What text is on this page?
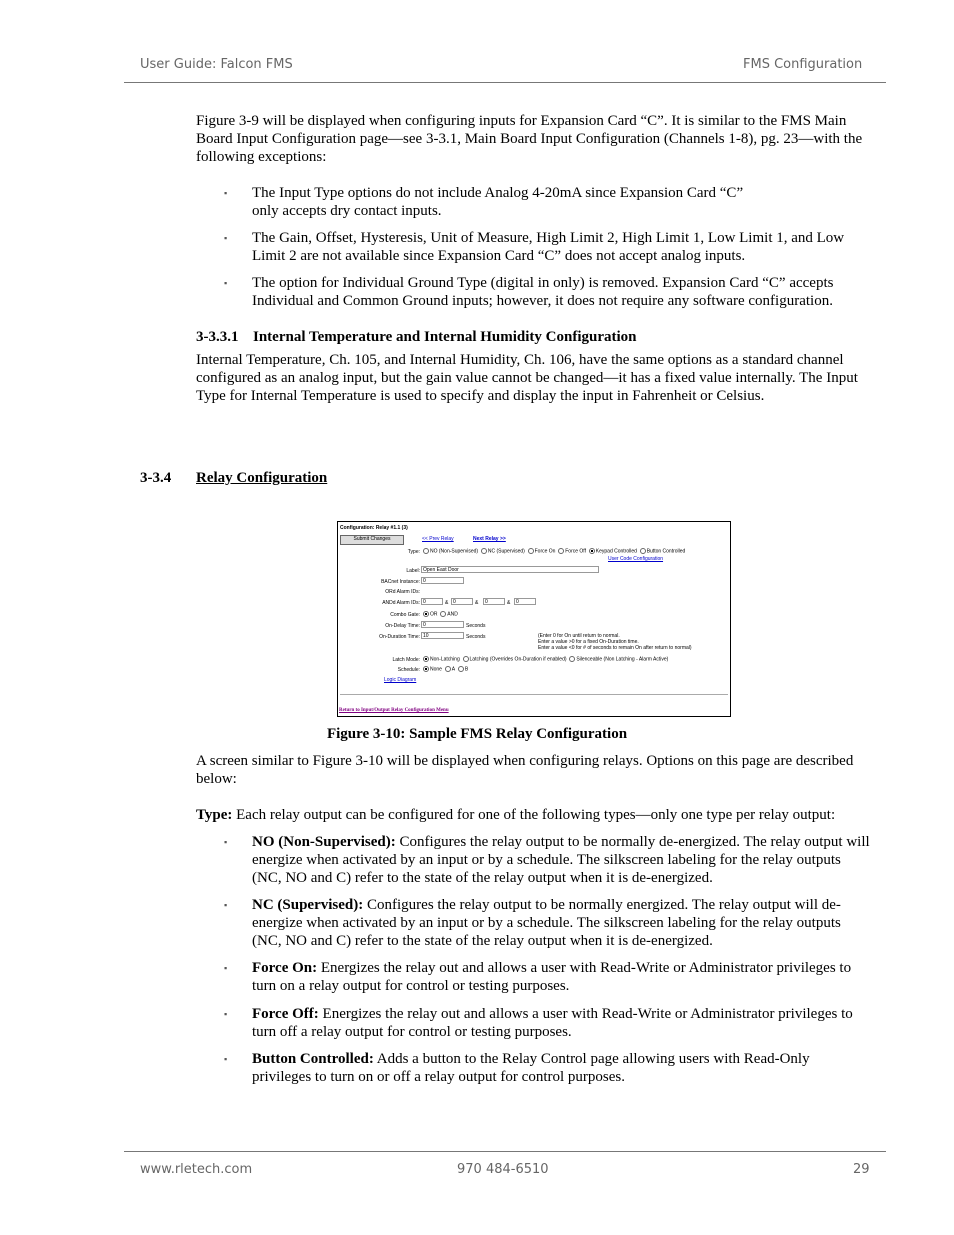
User Guide: Falcon FMS	FMS Configuration
Figure 3-9 will be displayed when configuring inputs for Expansion Card “C”. It is similar to the FMS Main Board Input Configuration page—see 3-3.1, Main Board Input Configuration (Channels 1-8), pg. 23—with the following exceptions:
▪ The Input Type options do not include Analog 4-20mA since Expansion Card “C” only accepts dry contact inputs.
▪ The Gain, Offset, Hysteresis, Unit of Measure, High Limit 2, High Limit 1, Low Limit 1, and Low Limit 2 are not available since Expansion Card “C” does not accept analog inputs.
▪ The option for Individual Ground Type (digital in only) is removed. Expansion Card “C” accepts Individual and Common Ground inputs; however, it does not require any software configuration.
3-3.3.1 Internal Temperature and Internal Humidity Configuration
Internal Temperature, Ch. 105, and Internal Humidity, Ch. 106, have the same options as a standard channel configured as an analog input, but the gain value cannot be changed—it has a fixed value internally. The Input Type for Internal Temperature is used to specify and display the input in Fahrenheit or Celsius.
3-3.4 Relay Configuration
Configuration: Relay #1.1 (3)
Submit Changes	<< Prev Relay	Next Relay >>
Type:	NO (Non-Supervised) NC (Supervised) Force On Force Off Keypad Controlled Button Controlled
User Code Configuration
Label: Open East Door
BACnet Instance: 0
ORd Alarm IDs:
ANDd Alarm IDs: 0	& 0	&	0	&	0
Combo Gate:	OR AND
On-Delay Time: 0	Seconds
On-Duration Time: 10	Seconds	(Enter 0 for On until return to normal.
Enter a value >0 for a fixed On-Duration time.
Enter a value <0 for # of seconds to remain On after return to normal)
Latch Mode:	Non-Latching Latching (Overrides On-Duration if enabled) Silenceable (Non Latching - Alarm Active)
Schedule:	None A B
Logic Diagram
Return to Input/Output Relay Configuration Menu
Figure 3-10: Sample FMS Relay Configuration
A screen similar to Figure 3-10 will be displayed when configuring relays. Options on this page are described below:
Type: Each relay output can be configured for one of the following types—only one type per relay output:
▪ NO (Non-Supervised): Configures the relay output to be normally de-energized. The relay output will energize when activated by an input or by a schedule. The silkscreen labeling for the relay outputs (NC, NO and C) refer to the state of the relay output when it is de-energized.
▪ NC (Supervised): Configures the relay output to be normally energized. The relay output will de-energize when activated by an input or by a schedule. The silkscreen labeling for the relay outputs (NC, NO and C) refer to the state of the relay output when it is de-energized.
▪ Force On: Energizes the relay out and allows a user with Read-Write or Administrator privileges to turn on a relay output for control or testing purposes.
▪ Force Off: Energizes the relay out and allows a user with Read-Write or Administrator privileges to turn off a relay output for control or testing purposes.
▪ Button Controlled: Adds a button to the Relay Control page allowing users with Read-Only privileges to turn on or off a relay output for control purposes.
www.rletech.com	970 484-6510	29
